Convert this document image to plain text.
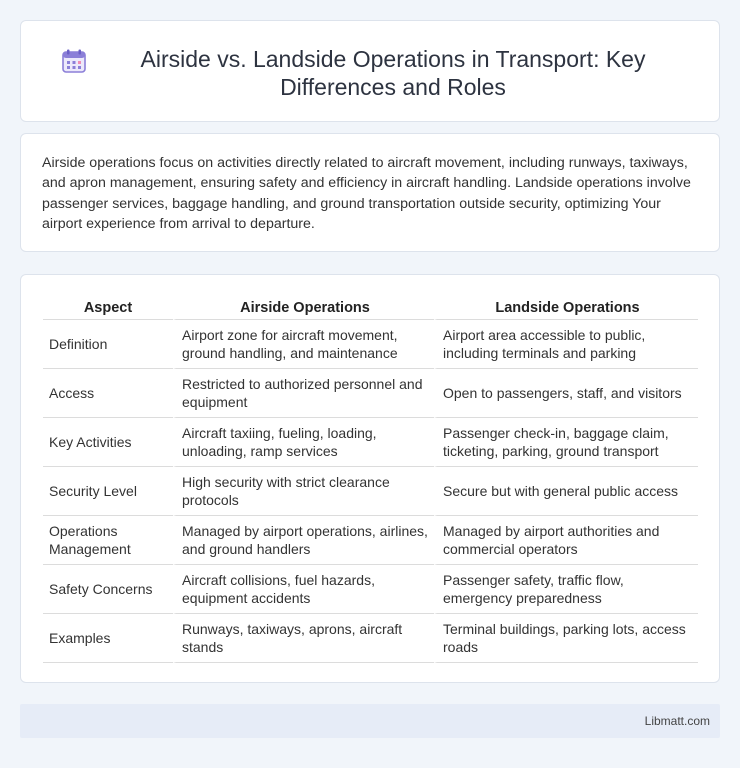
Airside vs. Landside Operations in Transport: Key Differences and Roles

Airside operations focus on activities directly related to aircraft movement, including runways, taxiways, and apron management, ensuring safety and efficiency in aircraft handling. Landside operations involve passenger services, baggage handling, and ground transportation outside security, optimizing Your airport experience from arrival to departure.

Aspect	Airside Operations	Landside Operations
Definition	Airport zone for aircraft movement, ground handling, and maintenance	Airport area accessible to public, including terminals and parking
Access	Restricted to authorized personnel and equipment	Open to passengers, staff, and visitors
Key Activities	Aircraft taxiing, fueling, loading, unloading, ramp services	Passenger check-in, baggage claim, ticketing, parking, ground transport
Security Level	High security with strict clearance protocols	Secure but with general public access
Operations Management	Managed by airport operations, airlines, and ground handlers	Managed by airport authorities and commercial operators
Safety Concerns	Aircraft collisions, fuel hazards, equipment accidents	Passenger safety, traffic flow, emergency preparedness
Examples	Runways, taxiways, aprons, aircraft stands	Terminal buildings, parking lots, access roads
Libmatt.com
